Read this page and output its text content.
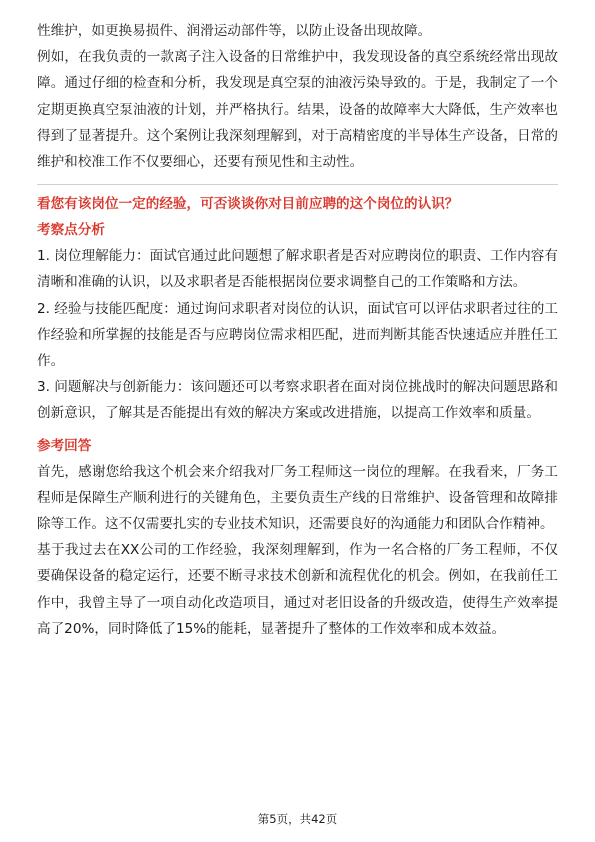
性维护，如更换易损件、润滑运动部件等，以防止设备出现故障。

例如，在我负责的一款离子注入设备的日常维护中，我发现设备的真空系统经常出现故障。通过仔细的检查和分析，我发现是真空泵的油液污染导致的。于是，我制定了一个定期更换真空泵油液的计划，并严格执行。结果，设备的故障率大大降低，生产效率也得到了显著提升。这个案例让我深刻理解到，对于高精密度的半导体生产设备，日常的维护和校准工作不仅要细心，还要有预见性和主动性。

看您有该岗位一定的经验，可否谈谈你对目前应聘的这个岗位的认识？

考察点分析

1. 岗位理解能力：面试官通过此问题想了解求职者是否对应聘岗位的职责、工作内容有清晰和准确的认识，以及求职者是否能根据岗位要求调整自己的工作策略和方法。

2. 经验与技能匹配度：通过询问求职者对岗位的认识，面试官可以评估求职者过往的工作经验和所掌握的技能是否与应聘岗位需求相匹配，进而判断其能否快速适应并胜任工作。

3. 问题解决与创新能力：该问题还可以考察求职者在面对岗位挑战时的解决问题思路和创新意识，了解其是否能提出有效的解决方案或改进措施，以提高工作效率和质量。

参考回答

首先，感谢您给我这个机会来介绍我对厂务工程师这一岗位的理解。在我看来，厂务工程师是保障生产顺利进行的关键角色，主要负责生产线的日常维护、设备管理和故障排除等工作。这不仅需要扎实的专业技术知识，还需要良好的沟通能力和团队合作精神。

基于我过去在XX公司的工作经验，我深刻理解到，作为一名合格的厂务工程师，不仅要确保设备的稳定运行，还要不断寻求技术创新和流程优化的机会。例如，在我前任工作中，我曾主导了一项自动化改造项目，通过对老旧设备的升级改造，使得生产效率提高了20%，同时降低了15%的能耗，显著提升了整体的工作效率和成本效益。

第5页，共42页
